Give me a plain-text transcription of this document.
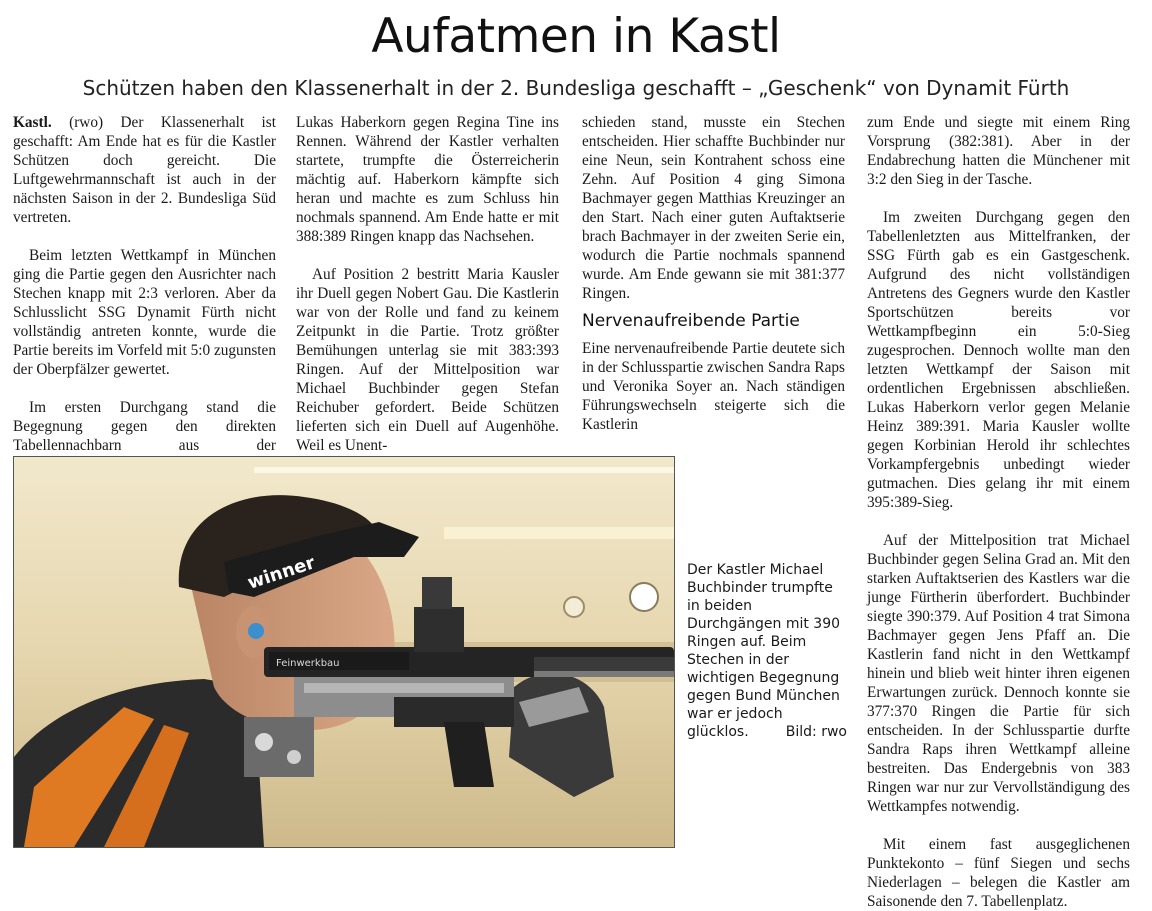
Aufatmen in Kastl

Schützen haben den Klassenerhalt in der 2. Bundesliga geschafft – „Geschenk“ von Dynamit Fürth

Kastl. (rwo) Der Klassenerhalt ist geschafft: Am Ende hat es für die Kastler Schützen doch gereicht. Die Luftgewehrmannschaft ist auch in der nächsten Saison in der 2. Bundesliga Süd vertreten.

Beim letzten Wettkampf in München ging die Partie gegen den Ausrichter nach Stechen knapp mit 2:3 verloren. Aber da Schlusslicht SSG Dynamit Fürth nicht vollständig antreten konnte, wurde die Partie bereits im Vorfeld mit 5:0 zugunsten der Oberpfälzer gewertet.

Im ersten Durchgang stand die Begegnung gegen den direkten Tabellennachbarn aus der

Lukas Haberkorn gegen Regina Tine ins Rennen. Während der Kastler verhalten startete, trumpfte die Österreicherin mächtig auf. Haberkorn kämpfte sich heran und machte es zum Schluss hin nochmals spannend. Am Ende hatte er mit 388:389 Ringen knapp das Nachsehen.

Auf Position 2 bestritt Maria Kausler ihr Duell gegen Nobert Gau. Die Kastlerin war von der Rolle und fand zu keinem Zeitpunkt in die Partie. Trotz größter Bemühungen unterlag sie mit 383:393 Ringen. Auf der Mittelposition war Michael Buchbinder gegen Stefan Reichuber gefordert. Beide Schützen lieferten sich ein Duell auf Augenhöhe. Weil es Unent-

schieden stand, musste ein Stechen entscheiden. Hier schaffte Buchbinder nur eine Neun, sein Kontrahent schoss eine Zehn. Auf Position 4 ging Simona Bachmayer gegen Matthias Kreuzinger an den Start. Nach einer guten Auftaktserie brach Bachmayer in der zweiten Serie ein, wodurch die Partie nochmals spannend wurde. Am Ende gewann sie mit 381:377 Ringen.

Nervenaufreibende Partie

Eine nervenaufreibende Partie deutete sich in der Schlusspartie zwischen Sandra Raps und Veronika Soyer an. Nach ständigen Führungswechseln steigerte sich die Kastlerin

zum Ende und siegte mit einem Ring Vorsprung (382:381). Aber in der Endabrechung hatten die Münchener mit 3:2 den Sieg in der Tasche.

Im zweiten Durchgang gegen den Tabellenletzten aus Mittelfranken, der SSG Fürth gab es ein Gastgeschenk. Aufgrund des nicht vollständigen Antretens des Gegners wurde den Kastler Sportschützen bereits vor Wettkampfbeginn ein 5:0-Sieg zugesprochen. Dennoch wollte man den letzten Wettkampf der Saison mit ordentlichen Ergebnissen abschließen. Lukas Haberkorn verlor gegen Melanie Heinz 389:391. Maria Kausler wollte gegen Korbinian Herold ihr schlechtes Vorkampfergebnis unbedingt wieder gutmachen. Dies gelang ihr mit einem 395:389-Sieg.

Auf der Mittelposition trat Michael Buchbinder gegen Selina Grad an. Mit den starken Auftaktserien des Kastlers war die junge Fürtherin überfordert. Buchbinder siegte 390:379. Auf Position 4 trat Simona Bachmayer gegen Jens Pfaff an. Die Kastlerin fand nicht in den Wettkampf hinein und blieb weit hinter ihren eigenen Erwartungen zurück. Dennoch konnte sie 377:370 Ringen die Partie für sich entscheiden. In der Schlusspartie durfte Sandra Raps ihren Wettkampf alleine bestreiten. Das Endergebnis von 383 Ringen war nur zur Vervollständigung des Wettkampfes notwendig.

Mit einem fast ausgeglichenen Punktekonto – fünf Siegen und sechs Niederlagen – belegen die Kastler am Saisonende den 7. Tabellenplatz.

winner
Feinwerkbau
Der Kastler Michael Buchbinder trumpfte in beiden Durchgängen mit 390 Ringen auf. Beim Stechen in der wichtigen Begegnung gegen Bund München war er jedoch glücklos.	Bild: rwo
